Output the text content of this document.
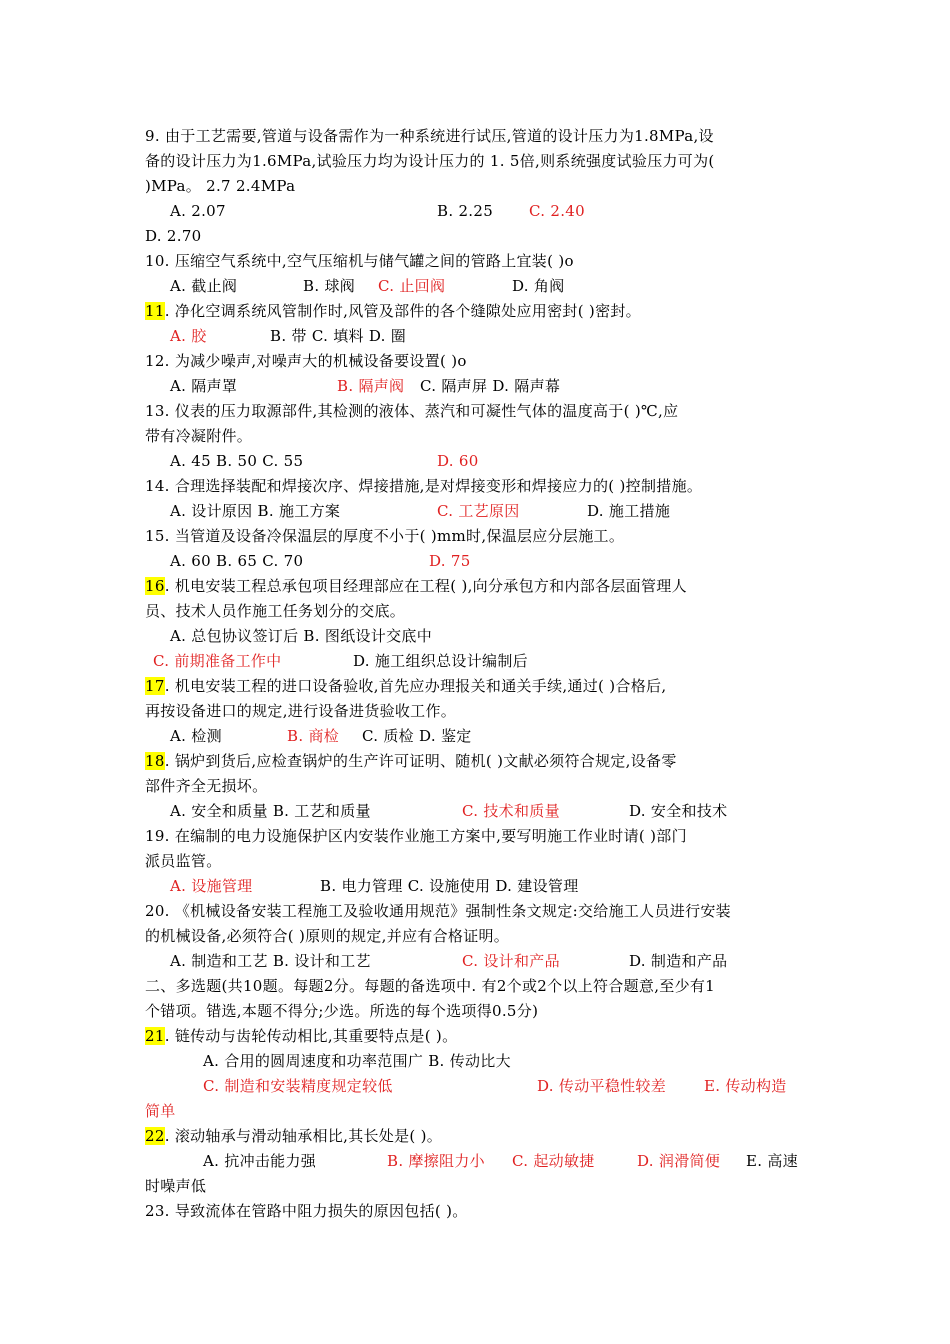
9. 由于工艺需要,管道与设备需作为一种系统进行试压,管道的设计压力为1.8MPa,设
备的设计压力为1.6MPa,试验压力均为设计压力的 1. 5倍,则系统强度试验压力可为(
)MPa。 2.7 2.4MPa
A. 2.07	B. 2.25 C. 2.40
D. 2.70
10. 压缩空气系统中,空气压缩机与储气罐之间的管路上宜装( )o
A. 截止阀	B. 球阀 C. 止回阀	D. 角阀
11. 净化空调系统风管制作时,风管及部件的各个缝隙处应用密封( )密封。
A. 胶	B. 带 C. 填料 D. 圈
12. 为减少噪声,对噪声大的机械设备要设置( )o
A. 隔声罩	B. 隔声阀 C. 隔声屏 D. 隔声幕
13. 仪表的压力取源部件,其检测的液体、蒸汽和可凝性气体的温度高于( )℃,应
带有冷凝附件。
A. 45 B. 50 C. 55	D. 60
14. 合理选择装配和焊接次序、焊接措施,是对焊接变形和焊接应力的( )控制措施。
A. 设计原因 B. 施工方案	C. 工艺原因	D. 施工措施
15. 当管道及设备冷保温层的厚度不小于( )mm时,保温层应分层施工。
A. 60 B. 65 C. 70	D. 75
16. 机电安装工程总承包项目经理部应在工程( ),向分承包方和内部各层面管理人
员、技术人员作施工任务划分的交底。
A. 总包协议签订后 B. 图纸设计交底中
C. 前期准备工作中	D. 施工组织总设计编制后
17. 机电安装工程的进口设备验收,首先应办理报关和通关手续,通过( )合格后,
再按设备进口的规定,进行设备进货验收工作。
A. 检测	B. 商检 C. 质检 D. 鉴定
18. 锅炉到货后,应检查锅炉的生产许可证明、随机( )文献必须符合规定,设备零
部件齐全无损坏。
A. 安全和质量 B. 工艺和质量	C. 技术和质量	D. 安全和技术
19. 在编制的电力设施保护区内安装作业施工方案中,要写明施工作业时请( )部门
派员监管。
A. 设施管理	B. 电力管理 C. 设施使用 D. 建设管理
20. 《机械设备安装工程施工及验收通用规范》强制性条文规定:交给施工人员进行安装
的机械设备,必须符合( )原则的规定,并应有合格证明。
A. 制造和工艺 B. 设计和工艺	C. 设计和产品	D. 制造和产品
二、多选题(共10题。每题2分。每题的备选项中. 有2个或2个以上符合题意,至少有1
个错项。错选,本题不得分;少选。所选的每个选项得0.5分)
21. 链传动与齿轮传动相比,其重要特点是( )。
A. 合用的圆周速度和功率范围广 B. 传动比大
C. 制造和安装精度规定较低	D. 传动平稳性较差	E. 传动构造
简单
22. 滚动轴承与滑动轴承相比,其长处是( )。
A. 抗冲击能力强	B. 摩擦阻力小 C. 起动敏捷	D. 润滑简便 E. 高速
时噪声低
23. 导致流体在管路中阻力损失的原因包括( )。
